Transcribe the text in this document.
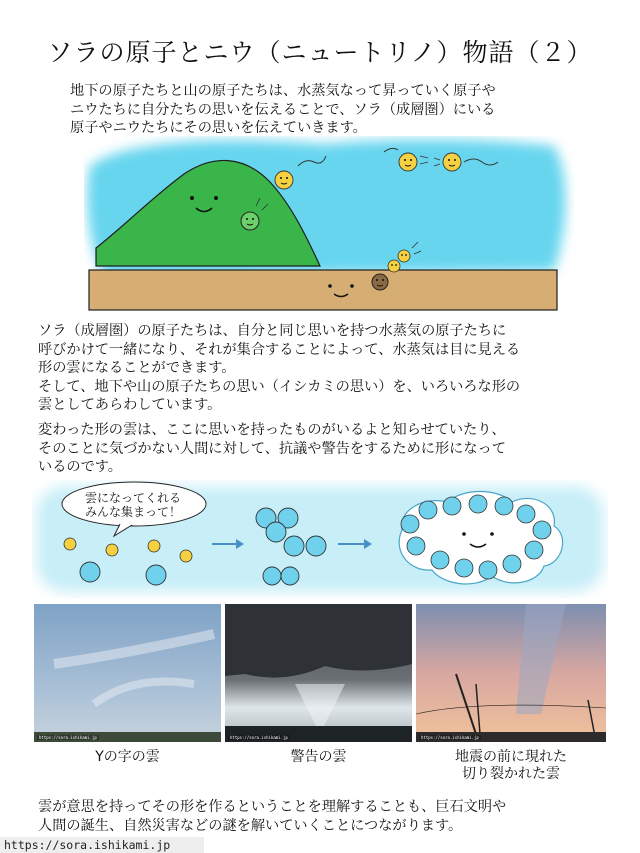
ソラの原子とニウ（ニュートリノ）物語（２）
地下の原子たちと山の原子たちは、水蒸気なって昇っていく原子や
ニウたちに自分たちの思いを伝えることで、ソラ（成層圏）にいる
原子やニウたちにその思いを伝えていきます。
ソラ（成層圏）の原子たちは、自分と同じ思いを持つ水蒸気の原子たちに
呼びかけて一緒になり、それが集合することによって、水蒸気は目に見える
形の雲になることができます。
そして、地下や山の原子たちの思い（イシカミの思い）を、いろいろな形の
雲としてあらわしています。
変わった形の雲は、ここに思いを持ったものがいるよと知らせていたり、
そのことに気づかない人間に対して、抗議や警告をするために形になって
いるのです。
雲になってくれる
みんな集まって！
https://sora.ishikami.jp	https://sora.ishikami.jp	https://sora.ishikami.jp
Yの字の雲	警告の雲	地震の前に現れた
切り裂かれた雲
雲が意思を持ってその形を作るということを理解することも、巨石文明や
人間の誕生、自然災害などの謎を解いていくことにつながります。
https://sora.ishikami.jp
